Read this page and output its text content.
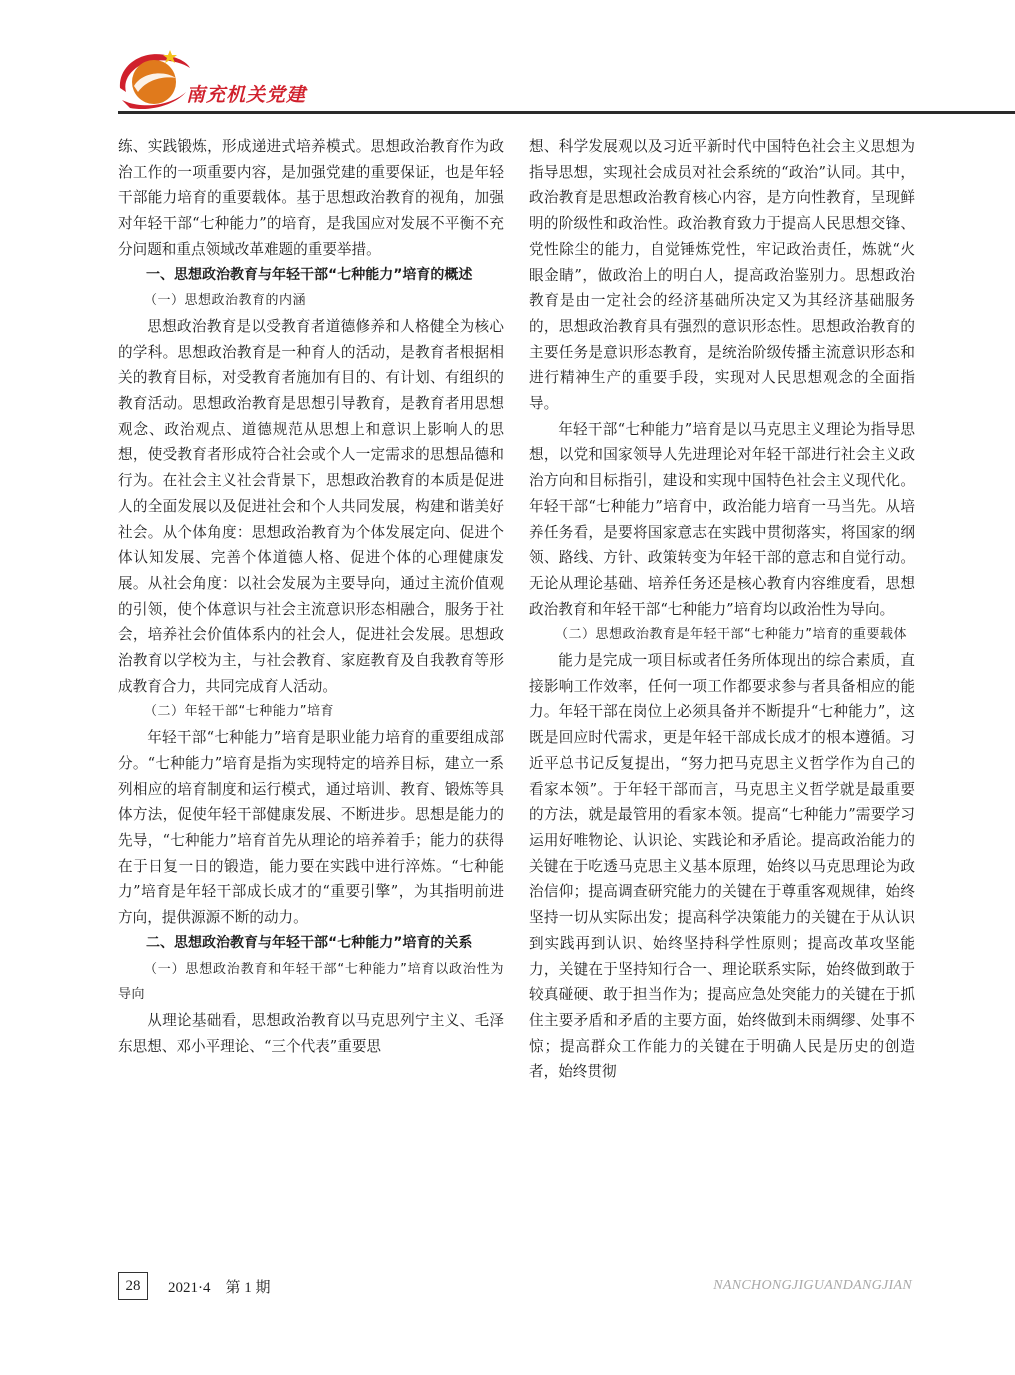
南充机关党建

练、实践锻炼，形成递进式培养模式。思想政治教育作为政治工作的一项重要内容，是加强党建的重要保证，也是年轻干部能力培育的重要载体。基于思想政治教育的视角，加强对年轻干部“七种能力”的培育，是我国应对发展不平衡不充分问题和重点领域改革难题的重要举措。

一、思想政治教育与年轻干部“七种能力”培育的概述

（一）思想政治教育的内涵

思想政治教育是以受教育者道德修养和人格健全为核心的学科。思想政治教育是一种育人的活动，是教育者根据相关的教育目标，对受教育者施加有目的、有计划、有组织的教育活动。思想政治教育是思想引导教育，是教育者用思想观念、政治观点、道德规范从思想上和意识上影响人的思想，使受教育者形成符合社会或个人一定需求的思想品德和行为。在社会主义社会背景下，思想政治教育的本质是促进人的全面发展以及促进社会和个人共同发展，构建和谐美好社会。从个体角度：思想政治教育为个体发展定向、促进个体认知发展、完善个体道德人格、促进个体的心理健康发展。从社会角度：以社会发展为主要导向，通过主流价值观的引领，使个体意识与社会主流意识形态相融合，服务于社会，培养社会价值体系内的社会人，促进社会发展。思想政治教育以学校为主，与社会教育、家庭教育及自我教育等形成教育合力，共同完成育人活动。

（二）年轻干部“七种能力”培育

年轻干部“七种能力”培育是职业能力培育的重要组成部分。“七种能力”培育是指为实现特定的培养目标，建立一系列相应的培育制度和运行模式，通过培训、教育、锻炼等具体方法，促使年轻干部健康发展、不断进步。思想是能力的先导，“七种能力”培育首先从理论的培养着手；能力的获得在于日复一日的锻造，能力要在实践中进行淬炼。“七种能力”培育是年轻干部成长成才的“重要引擎”，为其指明前进方向，提供源源不断的动力。

二、思想政治教育与年轻干部“七种能力”培育的关系

（一）思想政治教育和年轻干部“七种能力”培育以政治性为导向

从理论基础看，思想政治教育以马克思列宁主义、毛泽东思想、邓小平理论、“三个代表”重要思

想、科学发展观以及习近平新时代中国特色社会主义思想为指导思想，实现社会成员对社会系统的“政治”认同。其中，政治教育是思想政治教育核心内容，是方向性教育，呈现鲜明的阶级性和政治性。政治教育致力于提高人民思想交锋、党性除尘的能力，自觉锤炼党性，牢记政治责任，炼就“火眼金睛”，做政治上的明白人，提高政治鉴别力。思想政治教育是由一定社会的经济基础所决定又为其经济基础服务的，思想政治教育具有强烈的意识形态性。思想政治教育的主要任务是意识形态教育，是统治阶级传播主流意识形态和进行精神生产的重要手段，实现对人民思想观念的全面指导。

年轻干部“七种能力”培育是以马克思主义理论为指导思想，以党和国家领导人先进理论对年轻干部进行社会主义政治方向和目标指引，建设和实现中国特色社会主义现代化。年轻干部“七种能力”培育中，政治能力培育一马当先。从培养任务看，是要将国家意志在实践中贯彻落实，将国家的纲领、路线、方针、政策转变为年轻干部的意志和自觉行动。无论从理论基础、培养任务还是核心教育内容维度看，思想政治教育和年轻干部“七种能力”培育均以政治性为导向。

（二）思想政治教育是年轻干部“七种能力”培育的重要载体

能力是完成一项目标或者任务所体现出的综合素质，直接影响工作效率，任何一项工作都要求参与者具备相应的能力。年轻干部在岗位上必须具备并不断提升“七种能力”，这既是回应时代需求，更是年轻干部成长成才的根本遵循。习近平总书记反复提出，“努力把马克思主义哲学作为自己的看家本领”。于年轻干部而言，马克思主义哲学就是最重要的方法，就是最管用的看家本领。提高“七种能力”需要学习运用好唯物论、认识论、实践论和矛盾论。提高政治能力的关键在于吃透马克思主义基本原理，始终以马克思理论为政治信仰；提高调查研究能力的关键在于尊重客观规律，始终坚持一切从实际出发；提高科学决策能力的关键在于从认识到实践再到认识、始终坚持科学性原则；提高改革攻坚能力，关键在于坚持知行合一、理论联系实际，始终做到敢于较真碰硬、敢于担当作为；提高应急处突能力的关键在于抓住主要矛盾和矛盾的主要方面，始终做到未雨绸缪、处事不惊；提高群众工作能力的关键在于明确人民是历史的创造者，始终贯彻

28	2021·4　第 1 期	NANCHONGJIGUANDANGJIAN
